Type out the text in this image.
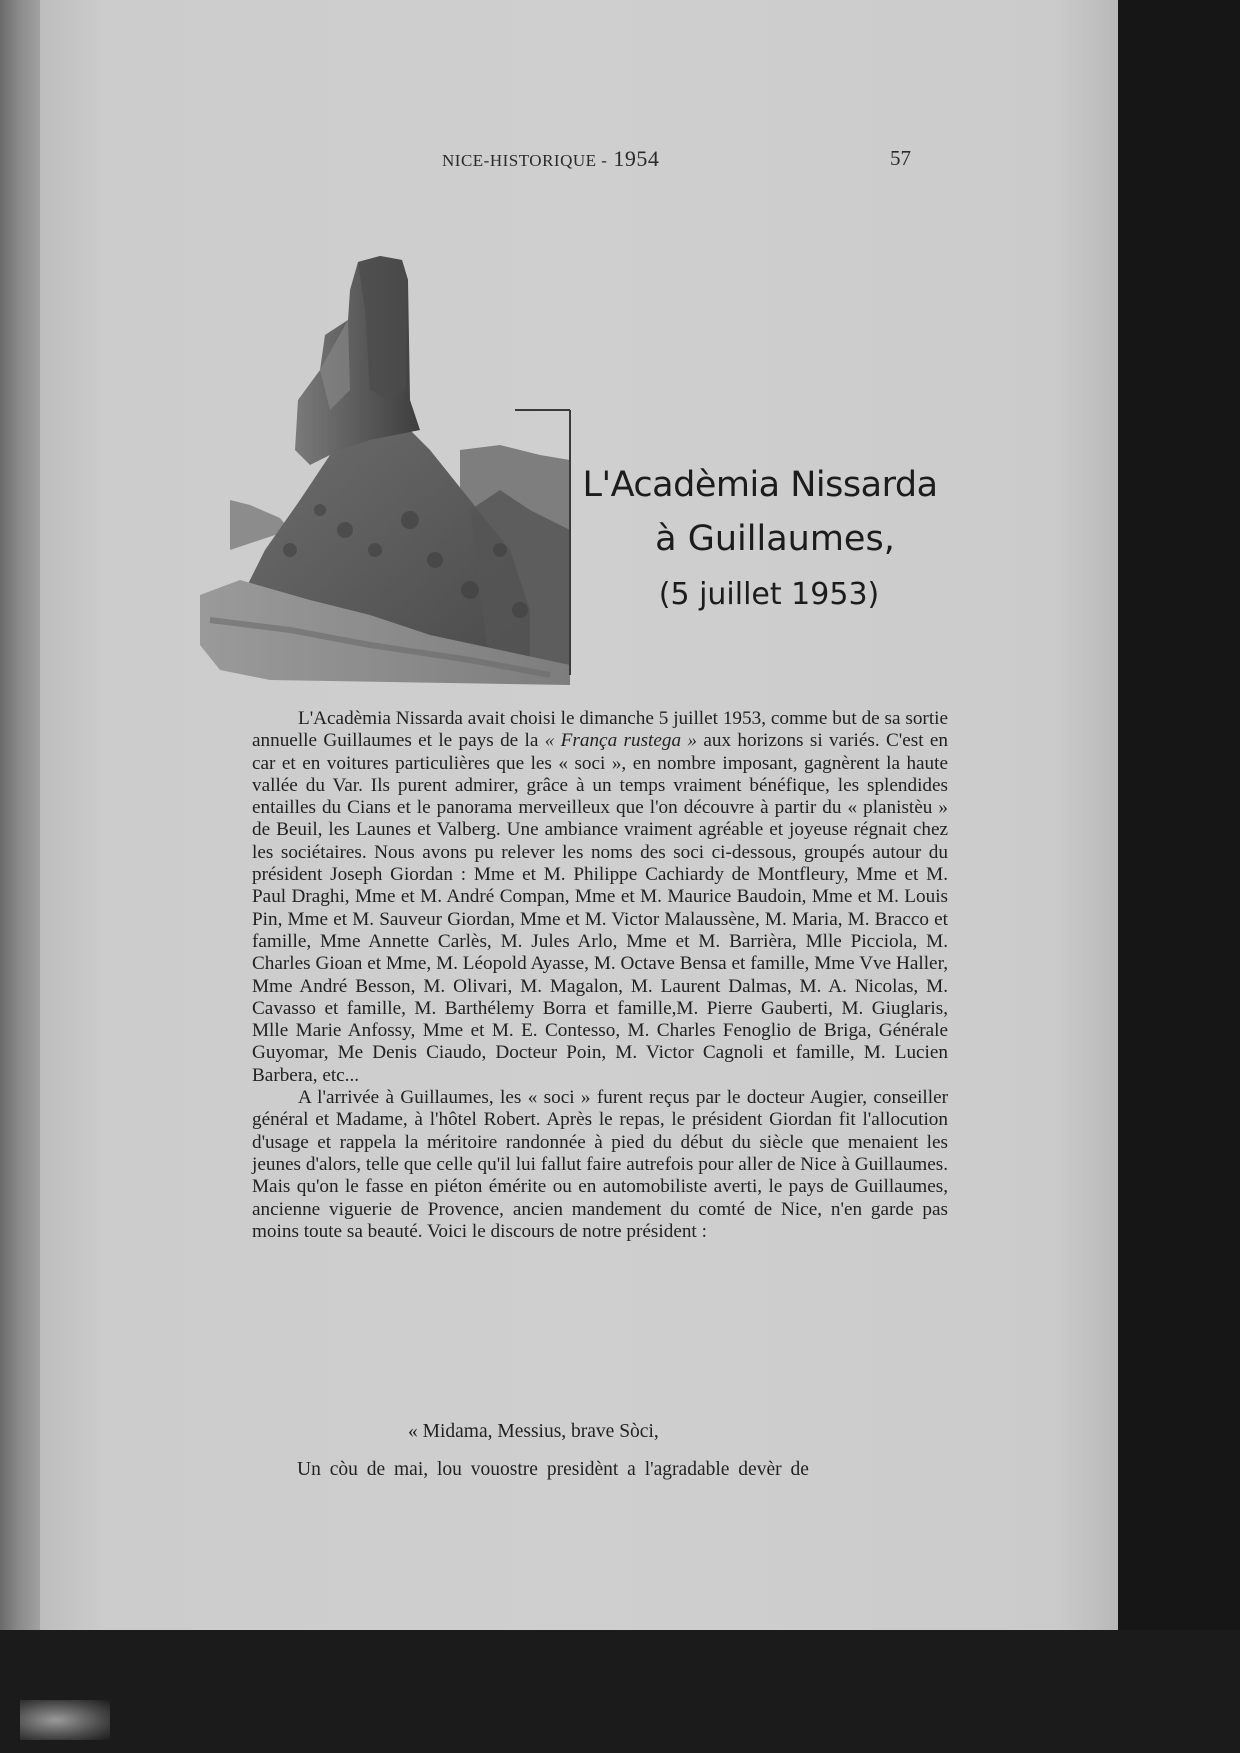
NICE-HISTORIQUE - 1954	57
L'Acadèmia Nissarda
à Guillaumes,
(5 juillet 1953)

L'Acadèmia Nissarda avait choisi le dimanche 5 juillet 1953, comme but de sa sortie annuelle Guillaumes et le pays de la « França rustega » aux horizons si variés. C'est en car et en voitures particulières que les « soci », en nombre imposant, gagnèrent la haute vallée du Var. Ils purent admirer, grâce à un temps vraiment bénéfique, les splendides entailles du Cians et le panorama merveilleux que l'on découvre à partir du « planistèu » de Beuil, les Launes et Valberg. Une ambiance vraiment agréable et joyeuse régnait chez les sociétaires. Nous avons pu relever les noms des soci ci-dessous, groupés autour du président Joseph Giordan : Mme et M. Philippe Cachiardy de Montfleury, Mme et M. Paul Draghi, Mme et M. André Compan, Mme et M. Maurice Baudoin, Mme et M. Louis Pin, Mme et M. Sauveur Giordan, Mme et M. Victor Malaussène, M. Maria, M. Bracco et famille, Mme Annette Carlès, M. Jules Arlo, Mme et M. Barrièra, Mlle Picciola, M. Charles Gioan et Mme, M. Léopold Ayasse, M. Octave Bensa et famille, Mme Vve Haller, Mme André Besson, M. Olivari, M. Magalon, M. Laurent Dalmas, M. A. Nicolas, M. Cavasso et famille, M. Barthélemy Borra et famille,M. Pierre Gauberti, M. Giuglaris, Mlle Marie Anfossy, Mme et M. E. Contesso, M. Charles Fenoglio de Briga, Générale Guyomar, Me Denis Ciaudo, Docteur Poin, M. Victor Cagnoli et famille, M. Lucien Barbera, etc...

A l'arrivée à Guillaumes, les « soci » furent reçus par le docteur Augier, conseiller général et Madame, à l'hôtel Robert. Après le repas, le président Giordan fit l'allocution d'usage et rappela la méritoire randonnée à pied du début du siècle que menaient les jeunes d'alors, telle que celle qu'il lui fallut faire autrefois pour aller de Nice à Guillaumes. Mais qu'on le fasse en piéton émérite ou en automobiliste averti, le pays de Guillaumes, ancienne viguerie de Provence, ancien mandement du comté de Nice, n'en garde pas moins toute sa beauté. Voici le discours de notre président :

« Midama, Messius, brave Sòci,
Un còu de mai, lou vouostre presidènt a l'agradable devèr de
